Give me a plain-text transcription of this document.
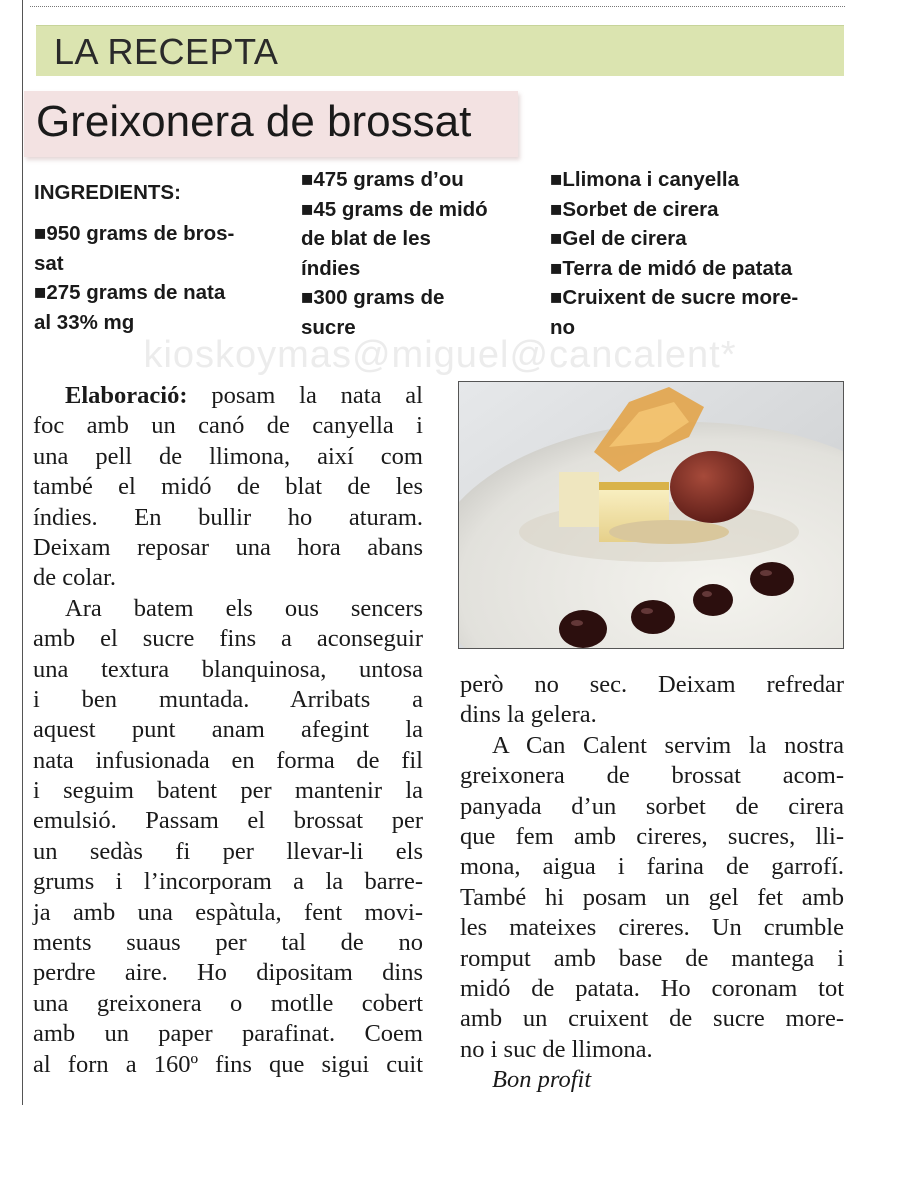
LA RECEPTA
Greixonera de brossat
INGREDIENTS:
■950 grams de bros-
sat
■275 grams de nata
al 33% mg
■475 grams d’ou
■45 grams de midó
de blat de les
índies
■300 grams de
sucre
■Llimona i canyella
■Sorbet de cirera
■Gel de cirera
■Terra de midó de patata
■Cruixent de sucre more-
no
kioskoymas@miguel@cancalent*
Elaboració: posam la nata al
foc amb un canó de canyella i
una pell de llimona, així com
també el midó de blat de les
índies. En bullir ho aturam.
Deixam reposar una hora abans
de colar.
Ara batem els ous sencers
amb el sucre fins a aconseguir
una textura blanquinosa, untosa
i ben muntada. Arribats a
aquest punt anam afegint la
nata infusionada en forma de fil
i seguim batent per mantenir la
emulsió. Passam el brossat per
un sedàs fi per llevar-li els
grums i l’incorporam a la barre-
ja amb una espàtula, fent movi-
ments suaus per tal de no
perdre aire. Ho dipositam dins
una greixonera o motlle cobert
amb un paper parafinat. Coem
al forn a 160º fins que sigui cuit
però no sec. Deixam refredar
dins la gelera.
A Can Calent servim la nostra
greixonera de brossat acom-
panyada d’un sorbet de cirera
que fem amb cireres, sucres, lli-
mona, aigua i farina de garrofí.
També hi posam un gel fet amb
les mateixes cireres. Un crumble
romput amb base de mantega i
midó de patata. Ho coronam tot
amb un cruixent de sucre more-
no i suc de llimona.
Bon profit
